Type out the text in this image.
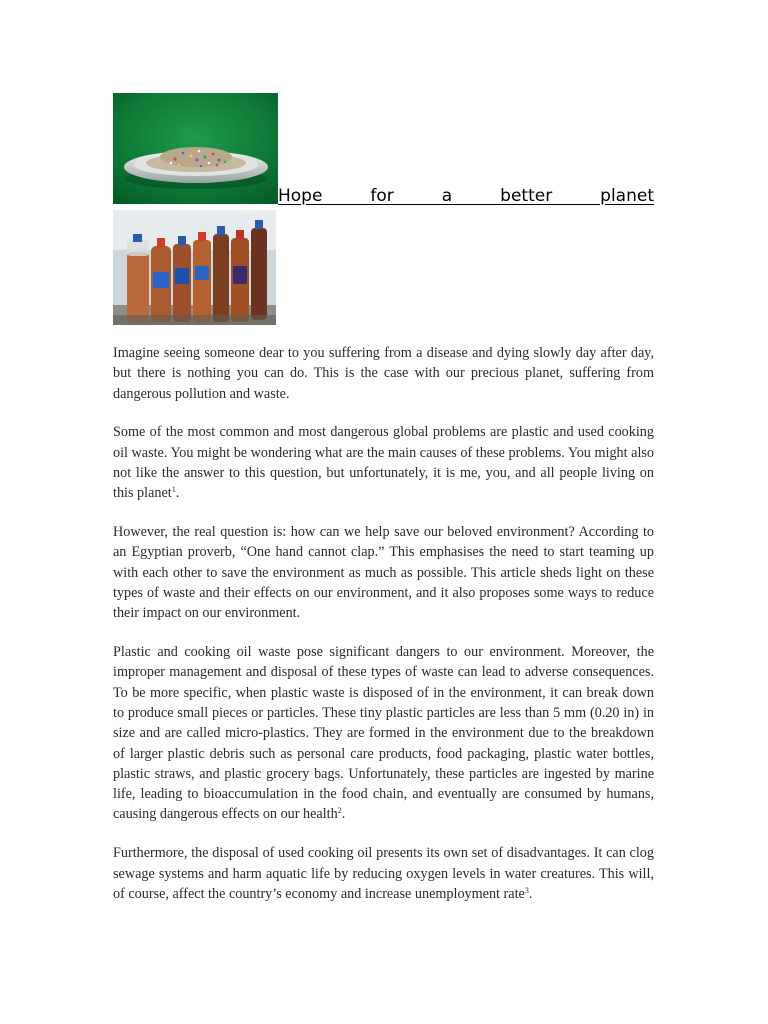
Hope for a better planet

Imagine seeing someone dear to you suffering from a disease and dying slowly day after day, but there is nothing you can do. This is the case with our precious planet, suffering from dangerous pollution and waste.

Some of the most common and most dangerous global problems are plastic and used cooking oil waste. You might be wondering what are the main causes of these problems. You might also not like the answer to this question, but unfortunately, it is me, you, and all people living on this planet$^1$.

However, the real question is: how can we help save our beloved environment? According to an Egyptian proverb, “One hand cannot clap.” This emphasises the need to start teaming up with each other to save the environment as much as possible. This article sheds light on these types of waste and their effects on our environment, and it also proposes some ways to reduce their impact on our environment.

Plastic and cooking oil waste pose significant dangers to our environment. Moreover, the improper management and disposal of these types of waste can lead to adverse consequences. To be more specific, when plastic waste is disposed of in the environment, it can break down to produce small pieces or particles. These tiny plastic particles are less than 5 mm (0.20 in) in size and are called micro-plastics. They are formed in the environment due to the breakdown of larger plastic debris such as personal care products, food packaging, plastic water bottles, plastic straws, and plastic grocery bags. Unfortunately, these particles are ingested by marine life, leading to bioaccumulation in the food chain, and eventually are consumed by humans, causing dangerous effects on our health$^2$.

Furthermore, the disposal of used cooking oil presents its own set of disadvantages. It can clog sewage systems and harm aquatic life by reducing oxygen levels in water creatures. This will, of course, affect the country’s economy and increase unemployment rate$^3$.
